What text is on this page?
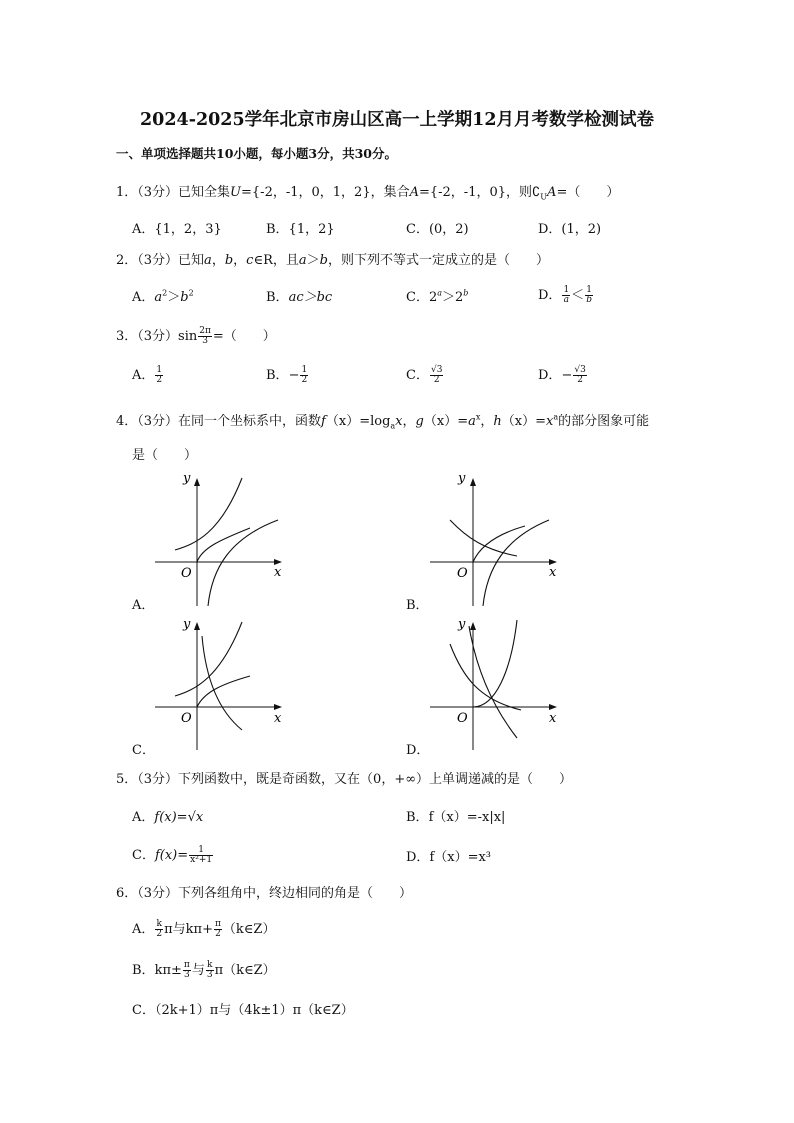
2024-2025学年北京市房山区高一上学期12月月考数学检测试卷
一、单项选择题共10小题，每小题3分，共30分。
1．（3分）已知全集U={-2，-1，0，1，2}，集合A={-2，-1，0}，则$∁_UA=$（　　）
A．{1，2，3}	B．{1，2}	C．(0，2)	D．(1，2)
2．（3分）已知a，b，c∈R，且a＞b，则下列不等式一定成立的是（　　）
A．$a^2>b^2$	B．ac＞bc	C．$2^a>2^b$	D． $\frac{1}{a} < \frac{1}{b}$
3．（3分）$\sin \frac{2\pi}{3}$ =（　　）
A． $\frac{1}{2}$	B．− $\frac{1}{2}$	C． $\frac{√3}{2}$	D．− $\frac{√3}{2}$
4．（3分）在同一个坐标系中，函数$f(x)=\log_ax$，$g(x)=a^x$，$h(x)=x^a$的部分图象可能
是（　　）
y
x
O
A．
y
x
O
B．
y
x
O
C．
y
x
O
D．
5．（3分）下列函数中，既是奇函数，又在（0，+∞）上单调递减的是（　　）
A．f(x)=√x	B．f（x）=-x|x|
C．$f(x)= \frac{1}{\text{x²+1}}$	D．f（x）=x³
6．（3分）下列各组角中，终边相同的角是（　　）
A． $\frac{k}{2}$ π与$k\pi+ \frac{\pi}{2}$ （k∈Z）
B．$k\pi\pm \frac{\pi}{3}$ 与 $\frac{k}{3}$ π（k∈Z）
C．（2k+1）π与（4k±1）π（k∈Z）
